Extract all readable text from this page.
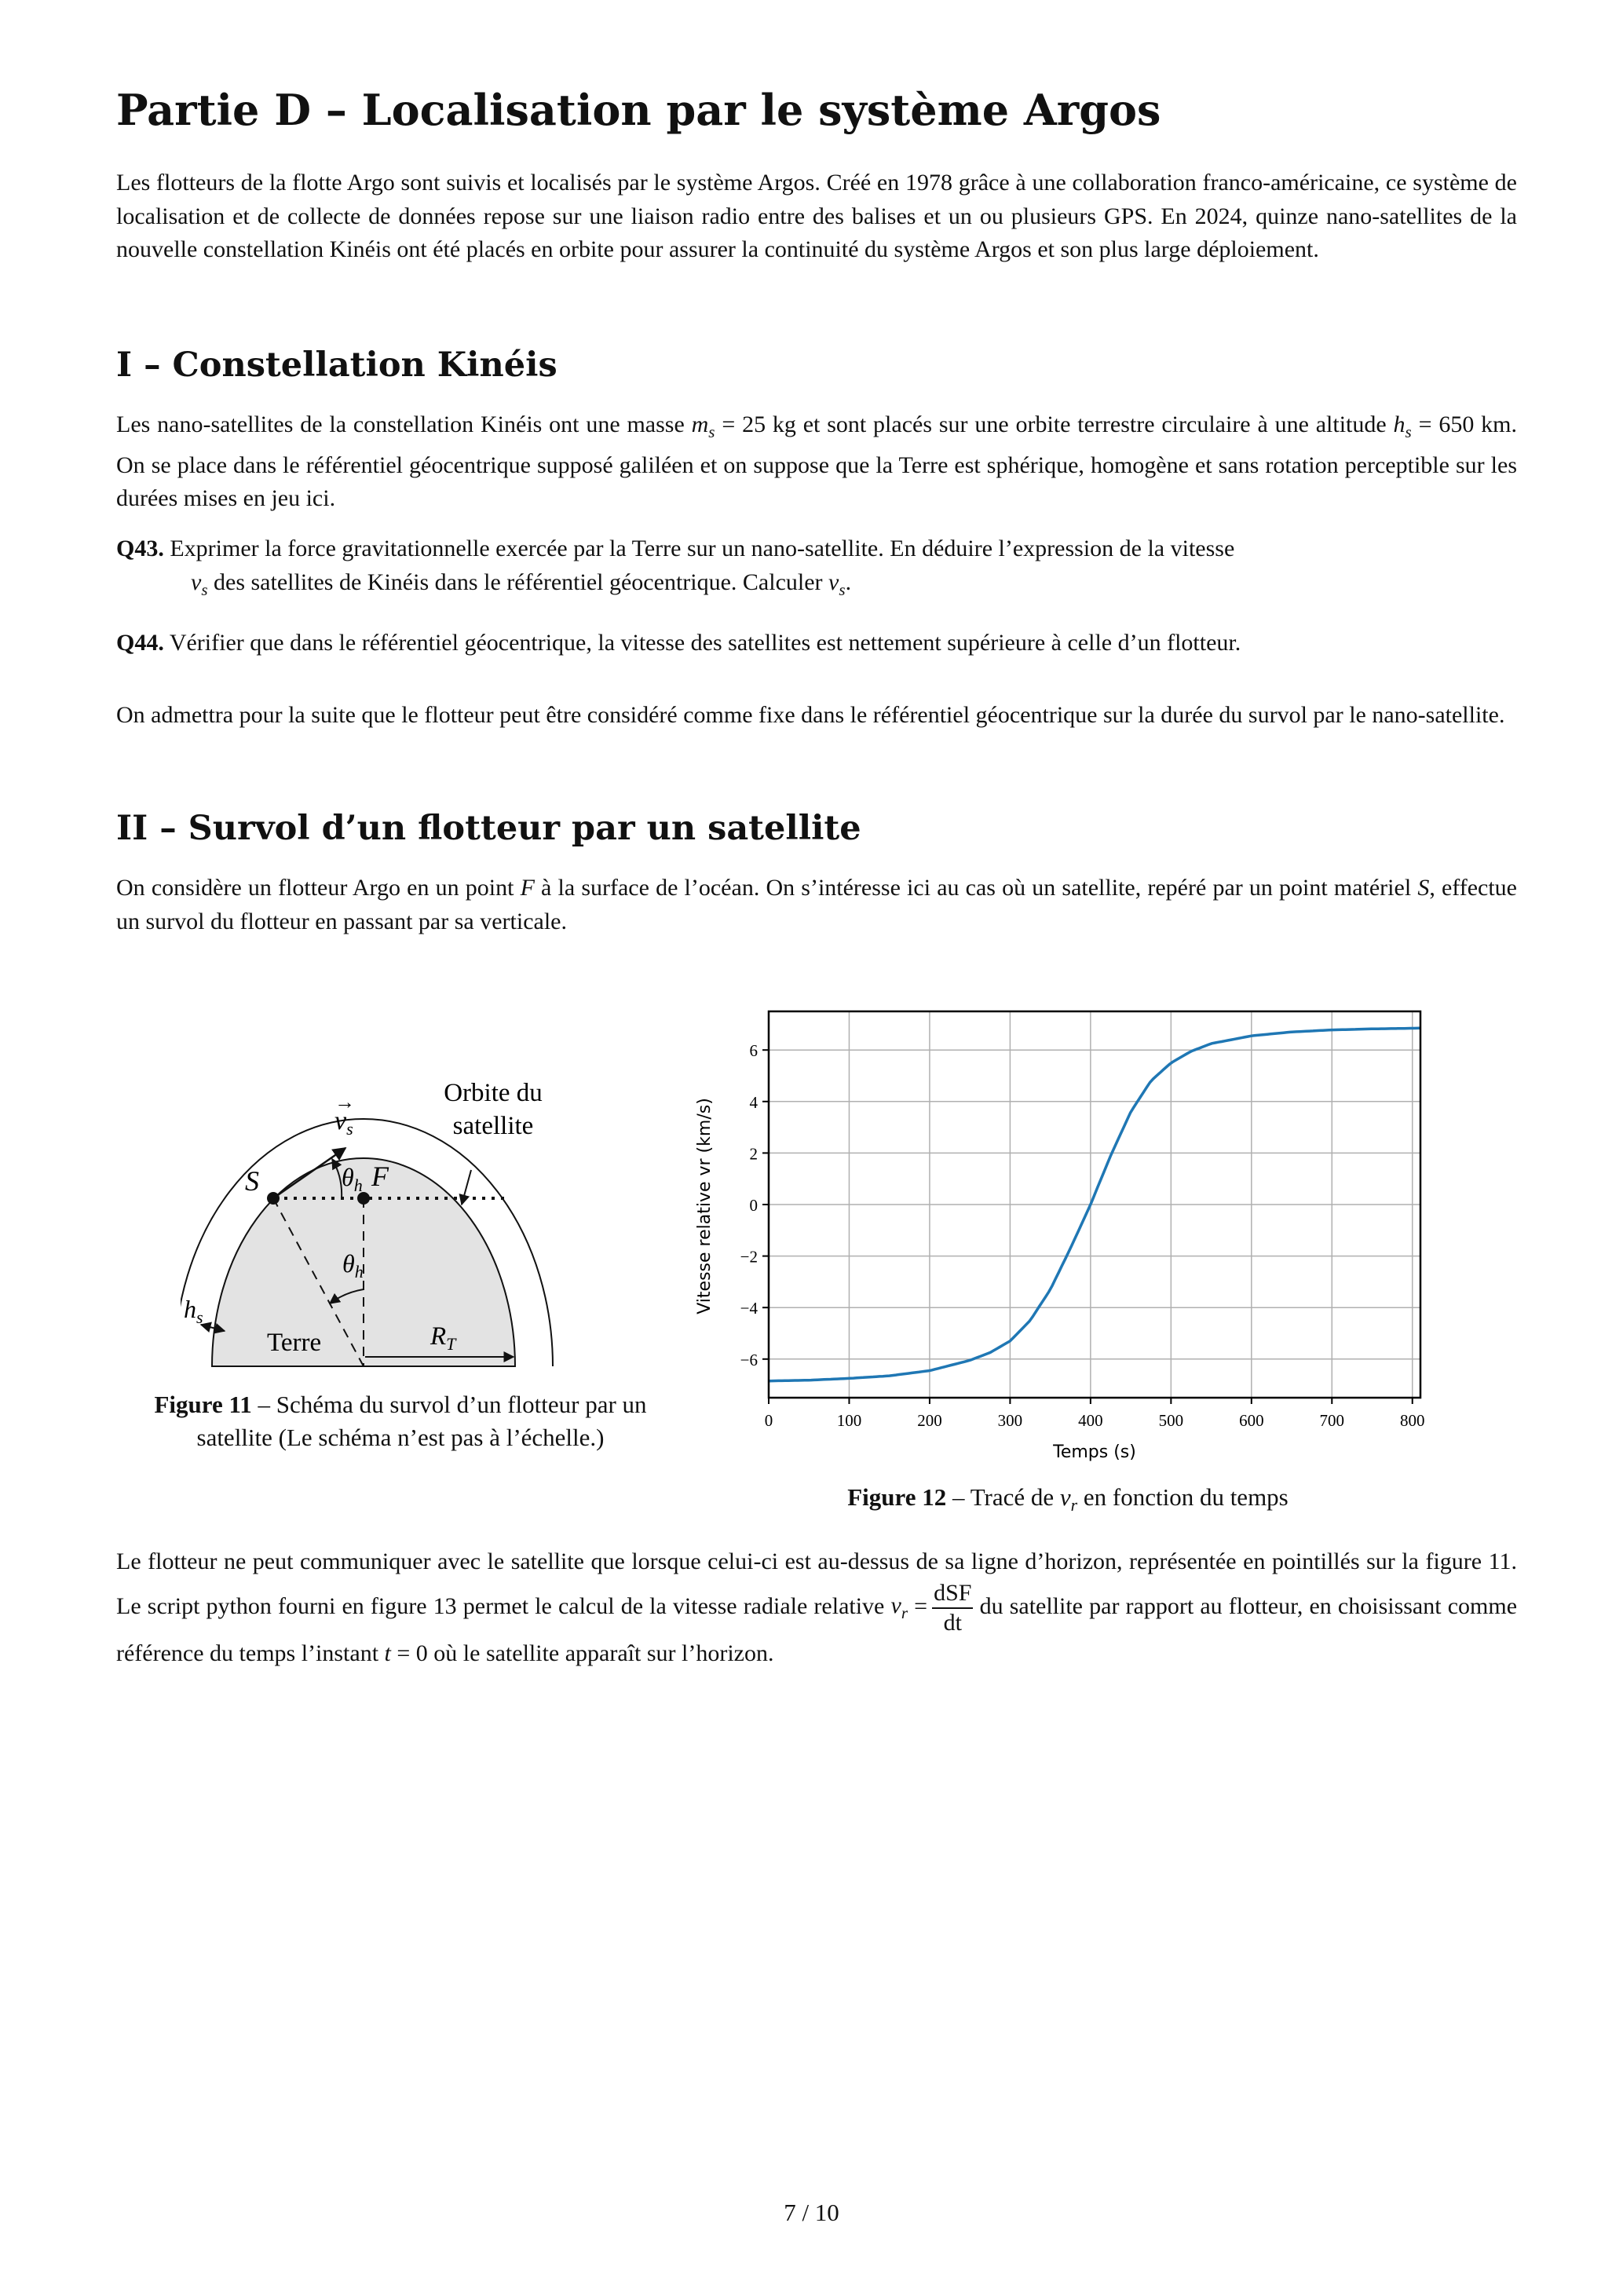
Partie D – Localisation par le système Argos

Les flotteurs de la flotte Argo sont suivis et localisés par le système Argos. Créé en 1978 grâce à une collaboration franco-américaine, ce système de localisation et de collecte de données repose sur une liaison radio entre des balises et un ou plusieurs GPS. En 2024, quinze nano-satellites de la nouvelle constellation Kinéis ont été placés en orbite pour assurer la continuité du système Argos et son plus large déploiement.

I – Constellation Kinéis

Les nano-satellites de la constellation Kinéis ont une masse $m_s = 25$ kg et sont placés sur une orbite terrestre circulaire à une altitude $h_s = 650$ km. On se place dans le référentiel géocentrique supposé galiléen et on suppose que la Terre est sphérique, homogène et sans rotation perceptible sur les durées mises en jeu ici.

Q43. Exprimer la force gravitationnelle exercée par la Terre sur un nano-satellite. En déduire l’expression de la vitesse
$v_s$ des satellites de Kinéis dans le référentiel géocentrique. Calculer $v_s$.
Q44. Vérifier que dans le référentiel géocentrique, la vitesse des satellites est nettement supérieure à celle d’un flotteur.

On admettra pour la suite que le flotteur peut être considéré comme fixe dans le référentiel géocentrique sur la durée du survol par le nano-satellite.

II – Survol d’un flotteur par un satellite

On considère un flotteur Argo en un point F à la surface de l’océan. On s’intéresse ici au cas où un satellite, repéré par un point matériel S, effectue un survol du flotteur en passant par sa verticale.

Orbite du
satellite
$v_s$
→
S	F
$\theta_h$
$\theta_h$
$h_s$
Terre	$R_T$
Figure 11 – Schéma du survol d’un flotteur par un satellite (Le schéma n’est pas à l’échelle.)
0	100	200	300	400	500	600	700	800
−6
−4
−2
0
2
4
6
Temps (s)
Vitesse relative vr (km/s)
Figure 12 – Tracé de $v_r$ en fonction du temps

Le flotteur ne peut communiquer avec le satellite que lorsque celui-ci est au-dessus de sa ligne d’horizon, représentée en pointillés sur la figure 11. Le script python fourni en figure 13 permet le calcul de la vitesse radiale relative $v_r = \frac{\text{dSF}}{dt}$ du satellite par rapport au flotteur, en choisissant comme référence du temps l’instant t = 0 où le satellite apparaît sur l’horizon.

7 / 10
